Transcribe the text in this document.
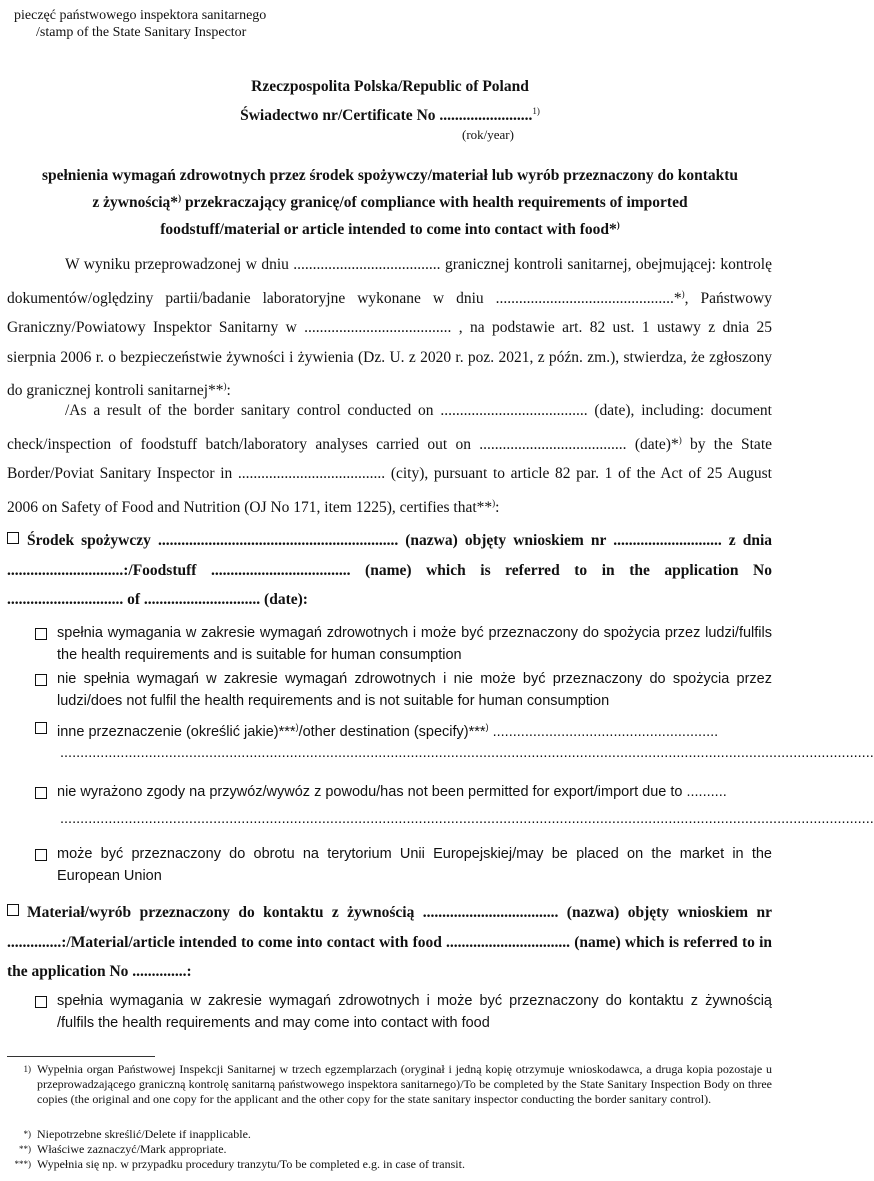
pieczęć państwowego inspektora sanitarnego
/stamp of the State Sanitary Inspector
Rzeczpospolita Polska/Republic of Poland
Świadectwo nr/Certificate No ........................$^{1)}$
(rok/year)
spełnienia wymagań zdrowotnych przez środek spożywczy/materiał lub wyrób przeznaczony do kontaktu
z żywnością*) przekraczający granicę/of compliance with health requirements of imported
foodstuff/material or article intended to come into contact with food*)
W wyniku przeprowadzonej w dniu ...................................... granicznej kontroli sanitarnej, obejmującej: kontrolę dokumentów/oględziny partii/badanie laboratoryjne wykonane w dniu ..............................................*), Państwowy Graniczny/Powiatowy Inspektor Sanitarny w ...................................... , na podstawie art. 82 ust. 1 ustawy z dnia 25 sierpnia 2006 r. o bezpieczeństwie żywności i żywienia (Dz. U. z 2020 r. poz. 2021, z późn. zm.), stwierdza, że zgłoszony do granicznej kontroli sanitarnej**):
/As a result of the border sanitary control conducted on ...................................... (date), including: document check/inspection of foodstuff batch/laboratory analyses carried out on ...................................... (date)*) by the State Border/Poviat Sanitary Inspector in ...................................... (city), pursuant to article 82 par. 1 of the Act of 25 August 2006 on Safety of Food and Nutrition (OJ No 171, item 1225), certifies that**):
Środek spożywczy .............................................................. (nazwa) objęty wnioskiem nr ............................ z dnia ..............................:/Foodstuff .................................... (name) which is referred to in the application No .............................. of .............................. (date):
spełnia wymagania w zakresie wymagań zdrowotnych i może być przeznaczony do spożycia przez ludzi/fulfils the health requirements and is suitable for human consumption
nie spełnia wymagań w zakresie wymagań zdrowotnych i nie może być przeznaczony do spożycia przez ludzi/does not fulfil the health requirements and is not suitable for human consumption
inne przeznaczenie (określić jakie)***)/other destination (specify)***) ........................................................
..........................................................................................................................................................................................................
nie wyrażono zgody na przywóz/wywóz z powodu/has not been permitted for export/import due to ..........
..........................................................................................................................................................................................................
może być przeznaczony do obrotu na terytorium Unii Europejskiej/may be placed on the market in the European Union
Materiał/wyrób przeznaczony do kontaktu z żywnością ................................... (nazwa) objęty wnioskiem nr ..............:/Material/article intended to come into contact with food ................................ (name) which is referred to in the application No ..............:
spełnia wymagania w zakresie wymagań zdrowotnych i może być przeznaczony do kontaktu z żywnością /fulfils the health requirements and may come into contact with food
1) Wypełnia organ Państwowej Inspekcji Sanitarnej w trzech egzemplarzach (oryginał i jedną kopię otrzymuje wnioskodawca, a druga kopia pozostaje u przeprowadzającego graniczną kontrolę sanitarną państwowego inspektora sanitarnego)/To be completed by the State Sanitary Inspection Body on three copies (the original and one copy for the applicant and the other copy for the state sanitary inspector conducting the border sanitary control).
*) Niepotrzebne skreślić/Delete if inapplicable.
**) Właściwe zaznaczyć/Mark appropriate.
***) Wypełnia się np. w przypadku procedury tranzytu/To be completed e.g. in case of transit.
